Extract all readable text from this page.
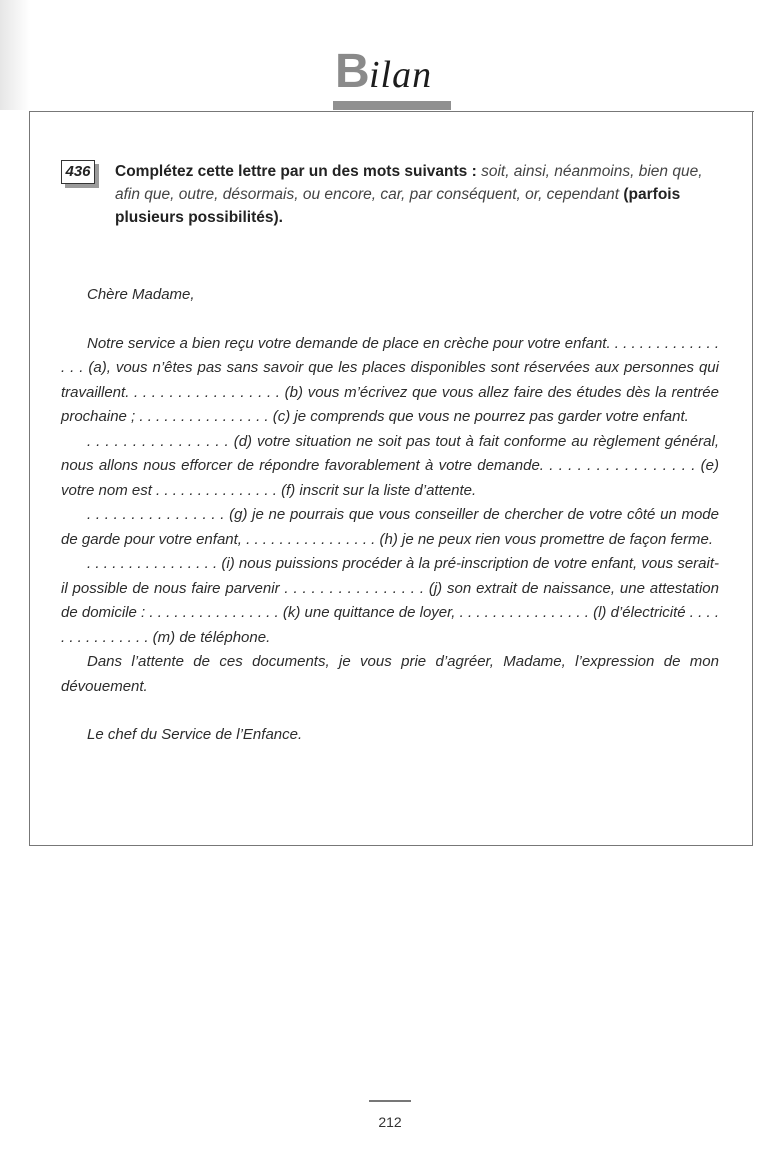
B ilan
436 Complétez cette lettre par un des mots suivants : soit, ainsi, néanmoins, bien que, afin que, outre, désormais, ou encore, car, par conséquent, or, cependant (parfois plusieurs possibilités).

Chère Madame,

Notre service a bien reçu votre demande de place en crèche pour votre enfant. . . . . . . . . . . . . . . . . (a), vous n’êtes pas sans savoir que les places disponibles sont réservées aux personnes qui travaillent. . . . . . . . . . . . . . . . . . (b) vous m’écrivez que vous allez faire des études dès la rentrée prochaine ; . . . . . . . . . . . . . . . . (c) je comprends que vous ne pourrez pas garder votre enfant.

. . . . . . . . . . . . . . . . (d) votre situation ne soit pas tout à fait conforme au règlement général, nous allons nous efforcer de répondre favorablement à votre demande. . . . . . . . . . . . . . . . . (e) votre nom est . . . . . . . . . . . . . . . (f) inscrit sur la liste d’attente.

. . . . . . . . . . . . . . . . (g) je ne pourrais que vous conseiller de chercher de votre côté un mode de garde pour votre enfant, . . . . . . . . . . . . . . . . (h) je ne peux rien vous promettre de façon ferme.

. . . . . . . . . . . . . . . . (i) nous puissions procéder à la pré-inscription de votre enfant, vous serait-il possible de nous faire parvenir . . . . . . . . . . . . . . . . (j) son extrait de naissance, une attestation de domicile : . . . . . . . . . . . . . . . . (k) une quittance de loyer, . . . . . . . . . . . . . . . . (l) d’électricité . . . . . . . . . . . . . . . (m) de téléphone.

Dans l’attente de ces documents, je vous prie d’agréer, Madame, l’expression de mon dévouement.

Le chef du Service de l’Enfance.

212
